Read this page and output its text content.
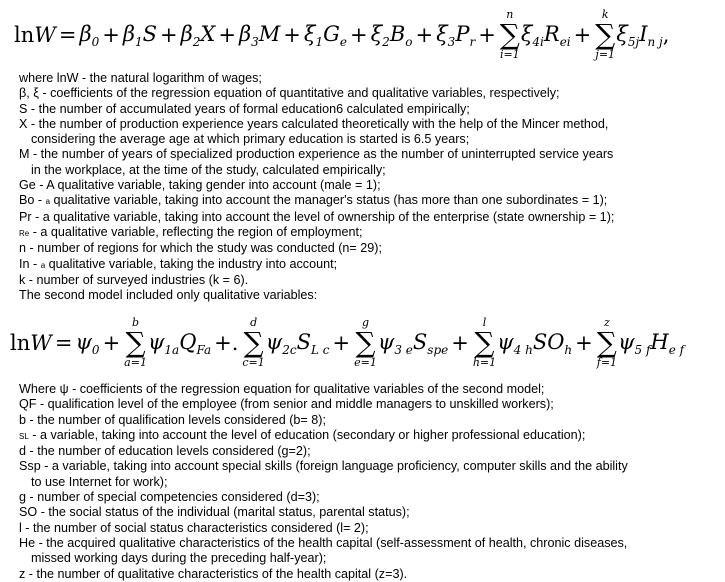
$\ln W = \beta_0 + \beta_1S + \beta_2X + \beta_3M + \xi_1G_e + \xi_2B_o + \xi_3P_r$ +
n
∑
i=1
$\xi_{4i}R_{ei}$ +
k
∑
j=1
$\xi_{5j}I_{n j}$ ,
where lnW - the natural logarithm of wages;
β, ξ - coefficients of the regression equation of quantitative and qualitative variables, respectively;
S - the number of accumulated years of formal education6 calculated empirically;
X - the number of production experience years calculated theoretically with the help of the Mincer method,
considering the average age at which primary education is started is 6.5 years;
M - the number of years of specialized production experience as the number of uninterrupted service years
in the workplace, at the time of the study, calculated empirically;
Ge - A qualitative variable, taking gender into account (male = 1);
Bo - a qualitative variable, taking into account the manager's status (has more than one subordinates = 1);
Pr - a qualitative variable, taking into account the level of ownership of the enterprise (state ownership = 1);
Re - a qualitative variable, reflecting the region of employment;
n - number of regions for which the study was conducted (n= 29);
In - a qualitative variable, taking the industry into account;
k - number of surveyed industries (k = 6).
The second model included only qualitative variables:
$\ln W = \psi_0$ +
b
∑
a=1
$\psi_{1a}Q_{Fa}$ +.
d
∑
c=1
$\psi_{2c}S_{L c}$ +
g
∑
e=1
$\psi_{3 e}S_{spe}$ +
l
∑
h=1
$\psi_{4 h}SO_h$ +
z
∑
f=1
$\psi_{5 f}H_{e f}$
Where ψ - coefficients of the regression equation for qualitative variables of the second model;
QF - qualification level of the employee (from senior and middle managers to unskilled workers);
b - the number of qualification levels considered (b= 8);
SL - a variable, taking into account the level of education (secondary or higher professional education);
d - the number of education levels considered (g=2);
Ssp - a variable, taking into account special skills (foreign language proficiency, computer skills and the ability
to use Internet for work);
g - number of special competencies considered (d=3);
SO - the social status of the individual (marital status, parental status);
l - the number of social status characteristics considered (l= 2);
He - the acquired qualitative characteristics of the health capital (self-assessment of health, chronic diseases,
missed working days during the preceding half-year);
z - the number of qualitative characteristics of the health capital (z=3).
